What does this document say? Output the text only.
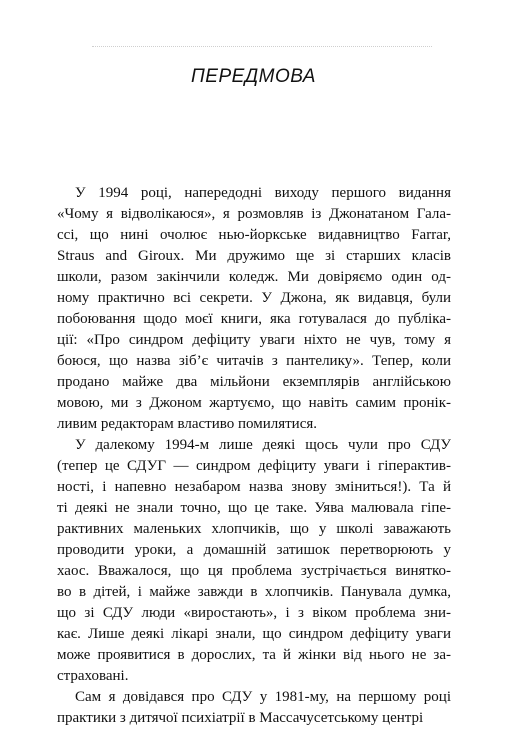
ПЕРЕДМОВА
У 1994 році, напередодні виходу першого видання
«Чому я відволікаюся», я розмовляв із Джонатаном Гала-
ссі, що нині очолює нью-йоркське видавництво Farrar,
Straus and Giroux. Ми дружимо ще зі старших класів
школи, разом закінчили коледж. Ми довіряємо один од-
ному практично всі секрети. У Джона, як видавця, були
побоювання щодо моєї книги, яка готувалася до публіка-
ції: «Про синдром дефіциту уваги ніхто не чув, тому я
боюся, що назва зіб’є читачів з пантелику». Тепер, коли
продано майже два мільйони екземплярів англійською
мовою, ми з Джоном жартуємо, що навіть самим пронік-
ливим редакторам властиво помилятися.
У далекому 1994-м лише деякі щось чули про СДУ
(тепер це СДУГ — синдром дефіциту уваги і гіперактив-
ності, і напевно незабаром назва знову зміниться!). Та й
ті деякі не знали точно, що це таке. Уява малювала гіпе-
рактивних маленьких хлопчиків, що у школі заважають
проводити уроки, а домашній затишок перетворюють у
хаос. Вважалося, що ця проблема зустрічається винятко-
во в дітей, і майже завжди в хлопчиків. Панувала думка,
що зі СДУ люди «виростають», і з віком проблема зни-
кає. Лише деякі лікарі знали, що синдром дефіциту уваги
може проявитися в дорослих, та й жінки від нього не за-
страховані.
Сам я довідався про СДУ у 1981-му, на першому році
практики з дитячої психіатрії в Массачусетському центрі
